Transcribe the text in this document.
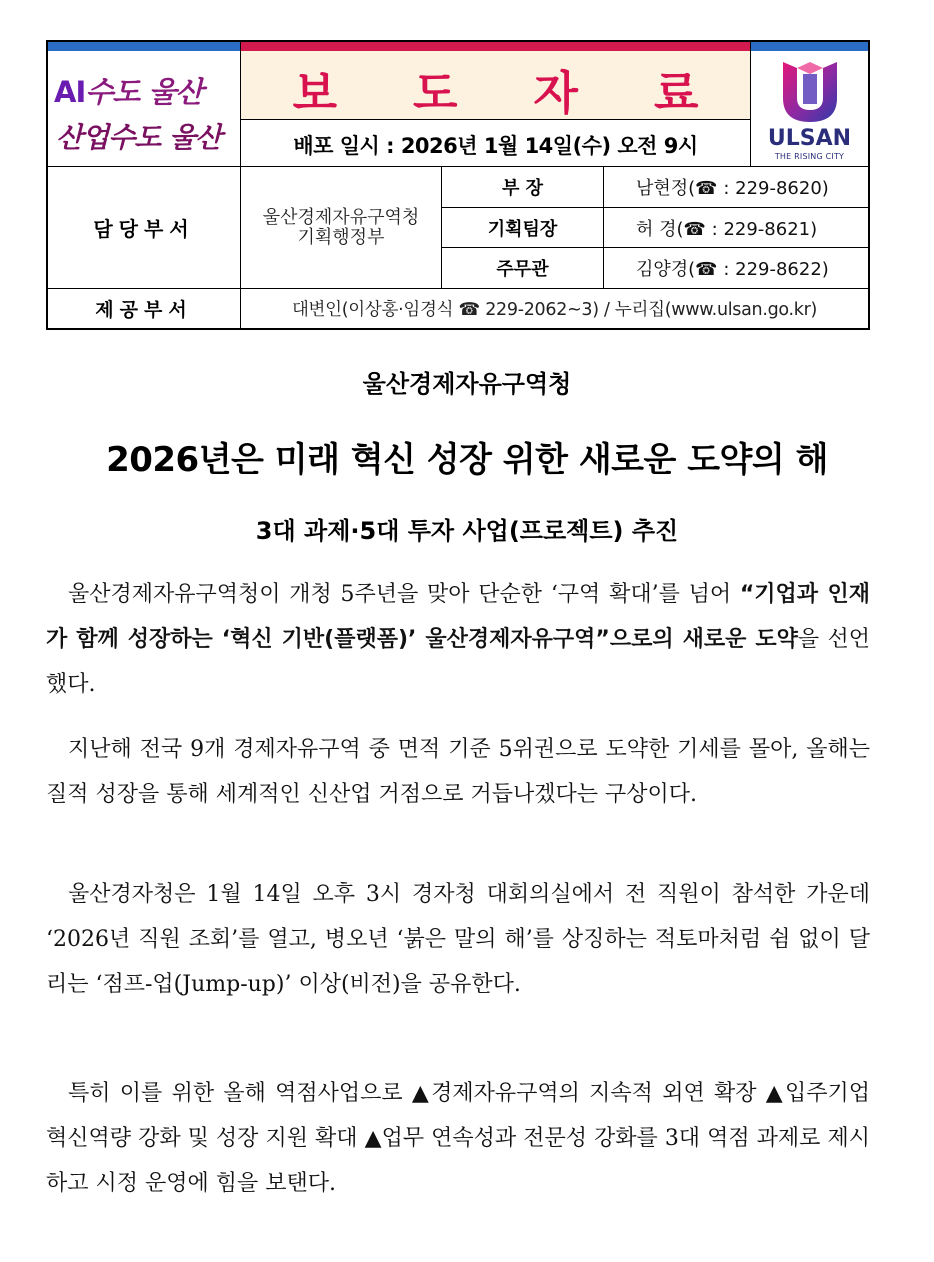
AI수도 울산
산업수도 울산
보 도 자 료
배포 일시 : 2026년 1월 14일(수) 오전 9시	ULSAN
THE RISING CITY
담당부서	울산경제자유구역청
기획행정부
부 장	남현정(☎ : 229-8620)
기획팀장	허 경(☎ : 229-8621)
주무관	김양경(☎ : 229-8622)
제공부서	대변인(이상홍·임경식 ☎ 229-2062~3) / 누리집(www.ulsan.go.kr)
울산경제자유구역청
2026년은 미래 혁신 성장 위한 새로운 도약의 해
3대 과제·5대 투자 사업(프로젝트) 추진
울산경제자유구역청이 개청 5주년을 맞아 단순한 ‘구역 확대’를 넘어 “기업과 인재가 함께 성장하는 ‘혁신 기반(플랫폼)’ 울산경제자유구역”으로의 새로운 도약을 선언했다.
지난해 전국 9개 경제자유구역 중 면적 기준 5위권으로 도약한 기세를 몰아, 올해는 질적 성장을 통해 세계적인 신산업 거점으로 거듭나겠다는 구상이다.
울산경자청은 1월 14일 오후 3시 경자청 대회의실에서 전 직원이 참석한 가운데 ‘2026년 직원 조회’를 열고, 병오년 ‘붉은 말의 해’를 상징하는 적토마처럼 쉼 없이 달리는 ‘점프-업(Jump-up)’ 이상(비전)을 공유한다.
특히 이를 위한 올해 역점사업으로 ▲경제자유구역의 지속적 외연 확장 ▲입주기업 혁신역량 강화 및 성장 지원 확대 ▲업무 연속성과 전문성 강화를 3대 역점 과제로 제시하고 시정 운영에 힘을 보탠다.
